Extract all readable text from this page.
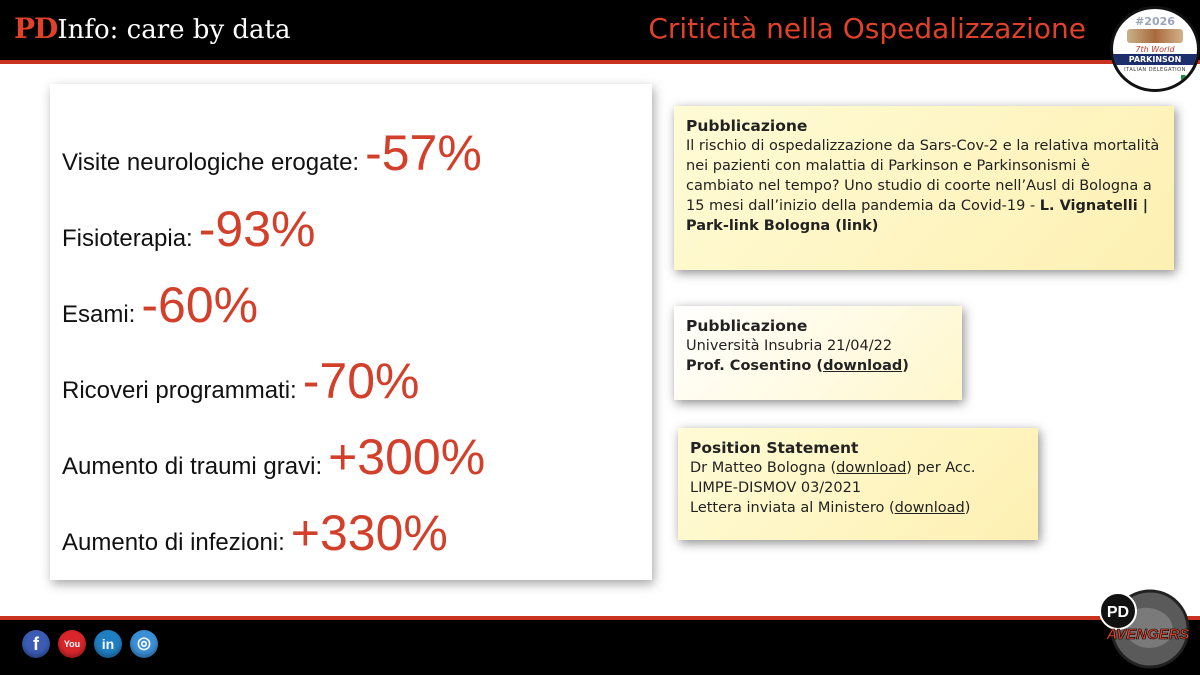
PD Info: care by data	Criticità nella Ospedalizzazione	#2026
7th World
PARKINSON
ITALIAN DELEGATION
Visite neurologiche erogate: -57%
Fisioterapia: -93%
Esami: -60%
Ricoveri programmati: -70%
Aumento di traumi gravi: +300%
Aumento di infezioni: +330%
Pubblicazione
Il rischio di ospedalizzazione da Sars-Cov-2 e la relativa mortalità nei pazienti con malattia di Parkinson e Parkinsonismi è cambiato nel tempo? Uno studio di coorte nell’Ausl di Bologna a 15 mesi dall’inizio della pandemia da Covid-19 - L. Vignatelli | Park-link Bologna (link)
Pubblicazione
Università Insubria 21/04/22
Prof. Cosentino (download)
Position Statement
Dr Matteo Bologna (download) per Acc.
LIMPE-DISMOV 03/2021
Lettera inviata al Ministero (download)
f	You	in	◎
PD
AVENGERS
